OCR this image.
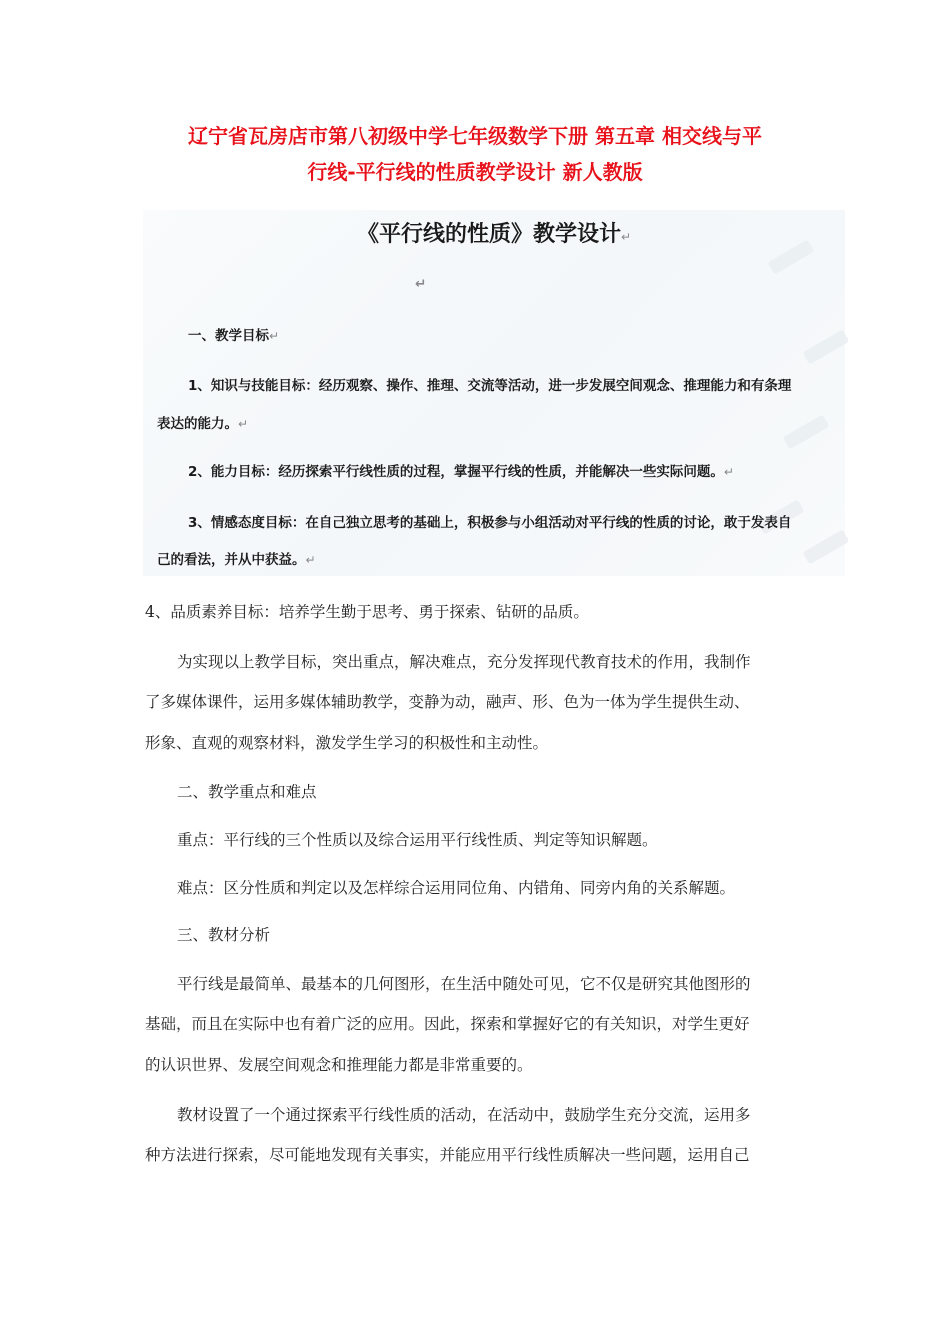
辽宁省瓦房店市第八初级中学七年级数学下册 第五章 相交线与平
行线-平行线的性质教学设计 新人教版
《平行线的性质》教学设计↵
↵
一、教学目标↵
1、知识与技能目标：经历观察、操作、推理、交流等活动，进一步发展空间观念、推理能力和有条理
表达的能力。↵
2、能力目标：经历探索平行线性质的过程，掌握平行线的性质，并能解决一些实际问题。↵
3、情感态度目标：在自己独立思考的基础上，积极参与小组活动对平行线的性质的讨论，敢于发表自
己的看法，并从中获益。↵
4、品质素养目标：培养学生勤于思考、勇于探索、钻研的品质。
为实现以上教学目标，突出重点，解决难点，充分发挥现代教育技术的作用，我制作
了多媒体课件，运用多媒体辅助教学，变静为动，融声、形、色为一体为学生提供生动、
形象、直观的观察材料，激发学生学习的积极性和主动性。
二、教学重点和难点
重点：平行线的三个性质以及综合运用平行线性质、判定等知识解题。
难点：区分性质和判定以及怎样综合运用同位角、内错角、同旁内角的关系解题。
三、教材分析
平行线是最简单、最基本的几何图形，在生活中随处可见，它不仅是研究其他图形的
基础，而且在实际中也有着广泛的应用。因此，探索和掌握好它的有关知识，对学生更好
的认识世界、发展空间观念和推理能力都是非常重要的。
教材设置了一个通过探索平行线性质的活动，在活动中，鼓励学生充分交流，运用多
种方法进行探索，尽可能地发现有关事实，并能应用平行线性质解决一些问题，运用自己
